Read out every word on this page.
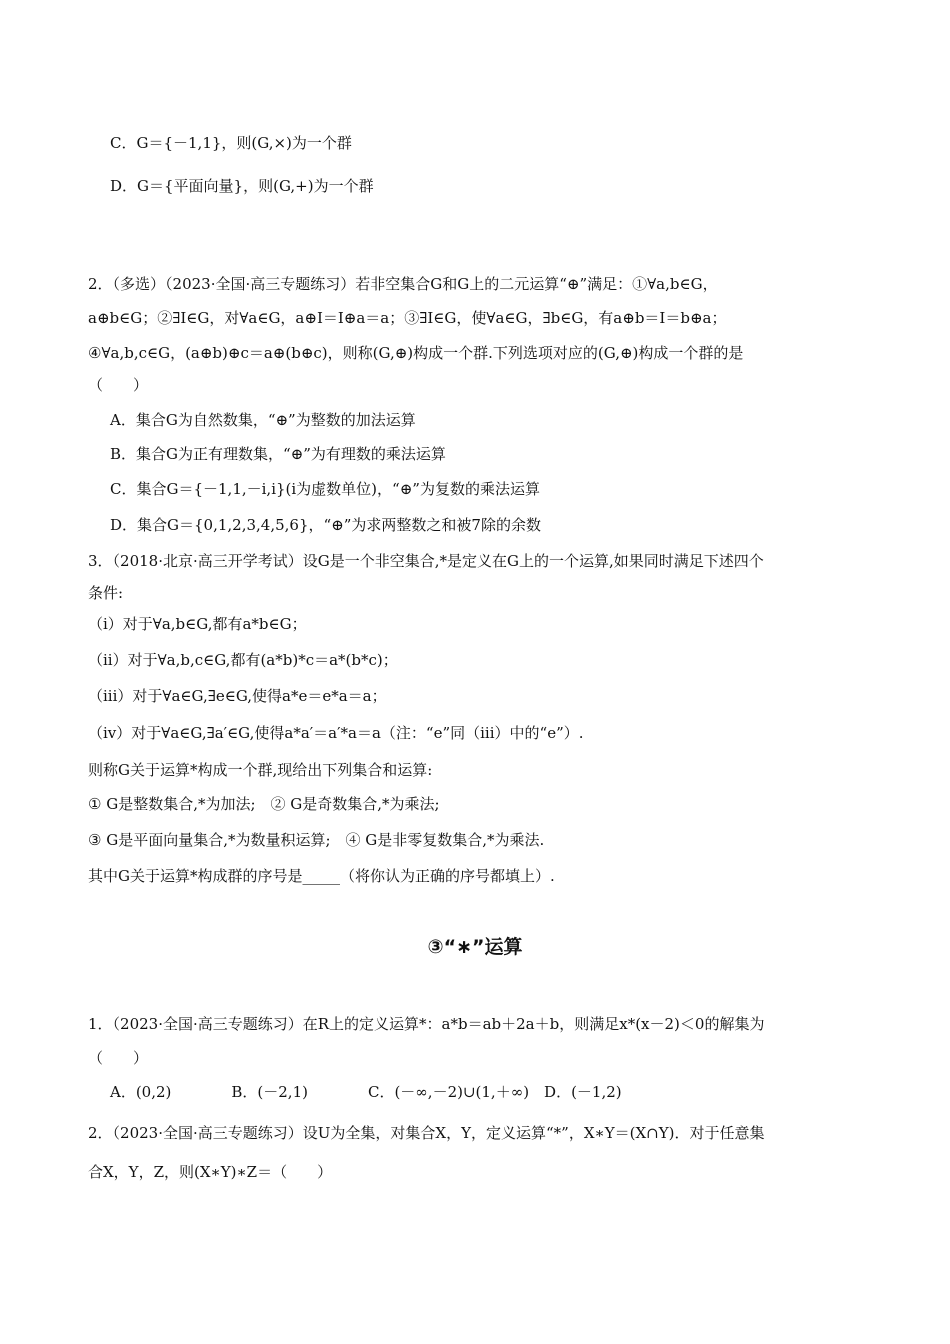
C．G＝{－1,1}，则(G,×)为一个群
D．G＝{平面向量}，则(G,+)为一个群
2．（多选）（2023·全国·高三专题练习）若非空集合G和G上的二元运算“⊕”满足：①∀a,b∈G，
a⊕b∈G；②∃I∈G，对∀a∈G，a⊕I＝I⊕a＝a；③∃I∈G，使∀a∈G，∃b∈G，有a⊕b＝I＝b⊕a；
④∀a,b,c∈G，(a⊕b)⊕c＝a⊕(b⊕c)，则称(G,⊕)构成一个群.下列选项对应的(G,⊕)构成一个群的是
（　　）
A．集合G为自然数集，“⊕”为整数的加法运算
B．集合G为正有理数集，“⊕”为有理数的乘法运算
C．集合G＝{－1,1,－i,i}(i为虚数单位)，“⊕”为复数的乘法运算
D．集合G＝{0,1,2,3,4,5,6}，“⊕”为求两整数之和被7除的余数
3．（2018·北京·高三开学考试）设G是一个非空集合,*是定义在G上的一个运算,如果同时满足下述四个
条件:
（i）对于∀a,b∈G,都有a*b∈G；
（ii）对于∀a,b,c∈G,都有(a*b)*c＝a*(b*c)；
（iii）对于∀a∈G,∃e∈G,使得a*e＝e*a＝a；
（iv）对于∀a∈G,∃a′∈G,使得a*a′＝a′*a＝a（注：“e”同（iii）中的“e”）.
则称G关于运算*构成一个群,现给出下列集合和运算:
① G是整数集合,*为加法;　② G是奇数集合,*为乘法;
③ G是平面向量集合,*为数量积运算;　④ G是非零复数集合,*为乘法.
其中G关于运算*构成群的序号是_____（将你认为正确的序号都填上）.
③“∗”运算
1．（2023·全国·高三专题练习）在R上的定义运算*：a*b＝ab＋2a＋b，则满足x*(x－2)＜0的解集为
（　　）
A．(0,2)　　　　B．(－2,1)　　　　C．(－∞,－2)∪(1,＋∞)　D．(－1,2)
2．（2023·全国·高三专题练习）设U为全集，对集合X，Y，定义运算“*”，X∗Y＝(X∩Y)．对于任意集
合X，Y，Z，则(X∗Y)∗Z＝（　　）
